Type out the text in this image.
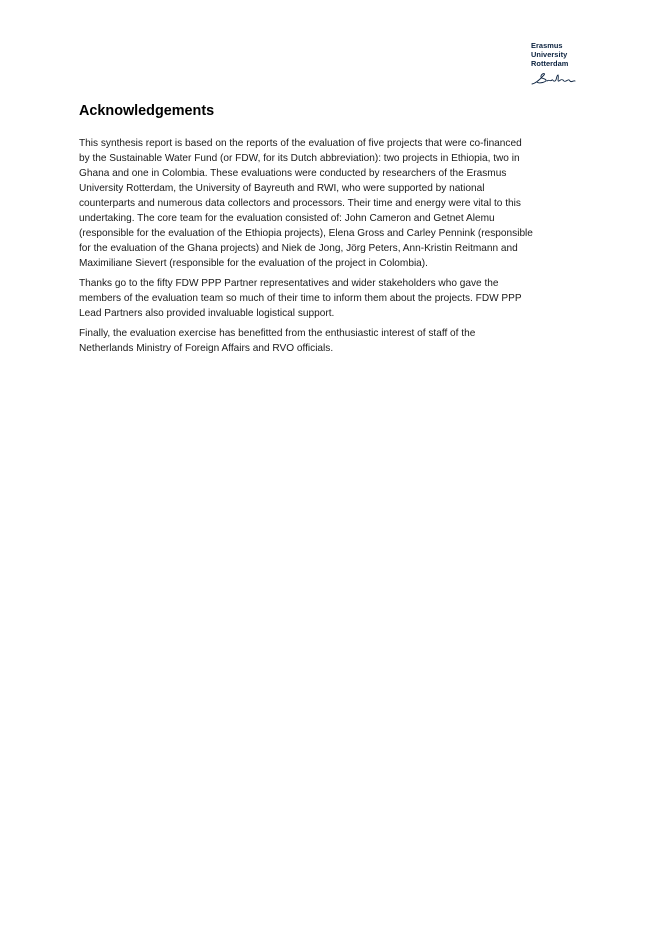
Erasmus
University
Rotterdam
Acknowledgements

This synthesis report is based on the reports of the evaluation of five projects that were co-financed
by the Sustainable Water Fund (or FDW, for its Dutch abbreviation): two projects in Ethiopia, two in
Ghana and one in Colombia. These evaluations were conducted by researchers of the Erasmus
University Rotterdam, the University of Bayreuth and RWI, who were supported by national
counterparts and numerous data collectors and processors. Their time and energy were vital to this
undertaking. The core team for the evaluation consisted of: John Cameron and Getnet Alemu
(responsible for the evaluation of the Ethiopia projects), Elena Gross and Carley Pennink (responsible
for the evaluation of the Ghana projects) and Niek de Jong, Jörg Peters, Ann-Kristin Reitmann and
Maximiliane Sievert (responsible for the evaluation of the project in Colombia).

Thanks go to the fifty FDW PPP Partner representatives and wider stakeholders who gave the
members of the evaluation team so much of their time to inform them about the projects. FDW PPP
Lead Partners also provided invaluable logistical support.

Finally, the evaluation exercise has benefitted from the enthusiastic interest of staff of the
Netherlands Ministry of Foreign Affairs and RVO officials.
